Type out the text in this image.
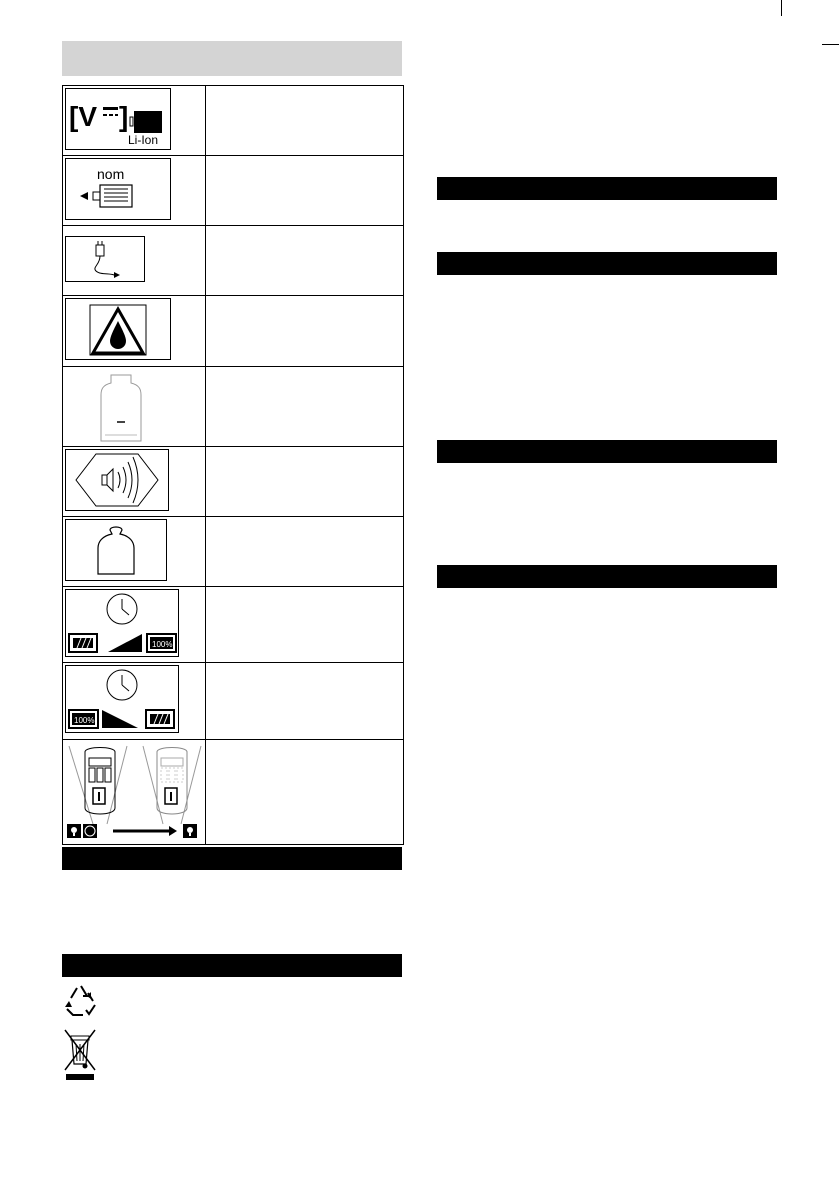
[V ]
Li-Ion	

nom	

100%	

100%	
